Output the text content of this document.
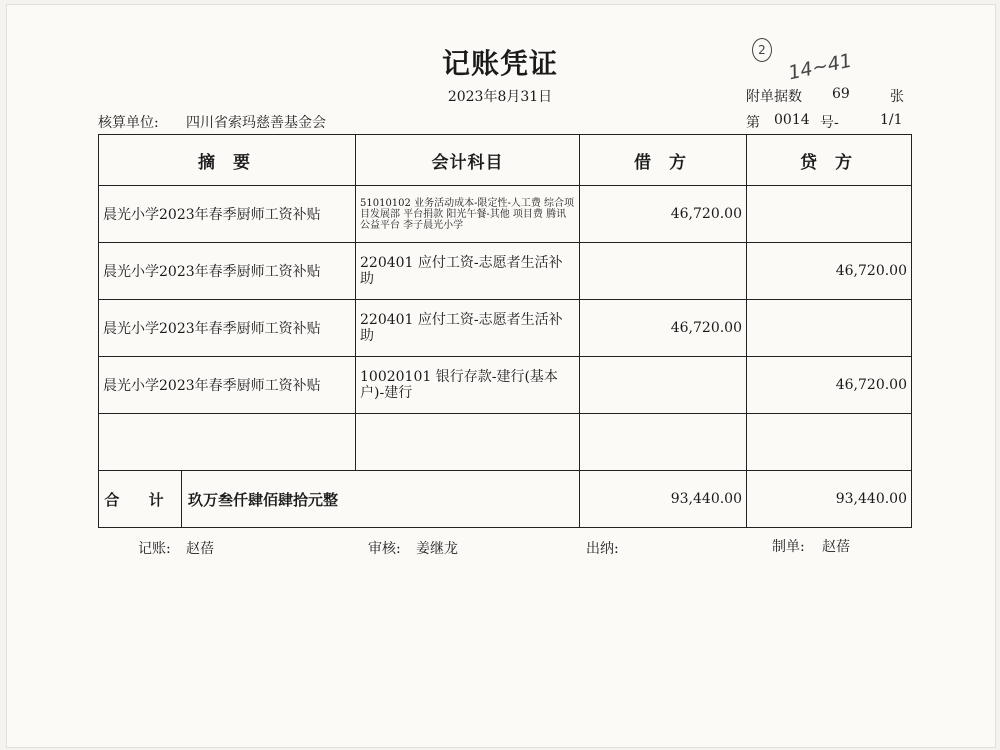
记账凭证
2023年8月31日
2	14~41
核算单位: 四川省索玛慈善基金会
附单据数 69	张
第 0014 号-	1/1
摘 要	会计科目	借 方	贷 方
晨光小学2023年春季厨师工资补贴	51010102 业务活动成本-限定性-人工费 综合项目发展部 平台捐款 阳光午餐-其他 项目费 腾讯公益平台 李子晨光小学	46,720.00	
晨光小学2023年春季厨师工资补贴	220401 应付工资-志愿者生活补助		46,720.00
晨光小学2023年春季厨师工资补贴	220401 应付工资-志愿者生活补助	46,720.00	
晨光小学2023年春季厨师工资补贴	10020101 银行存款-建行(基本户)-建行		46,720.00

合 计 玖万叁仟肆佰肆拾元整		93,440.00	93,440.00
记账: 赵蓓	审核: 姜继龙	出纳:	制单: 赵蓓
